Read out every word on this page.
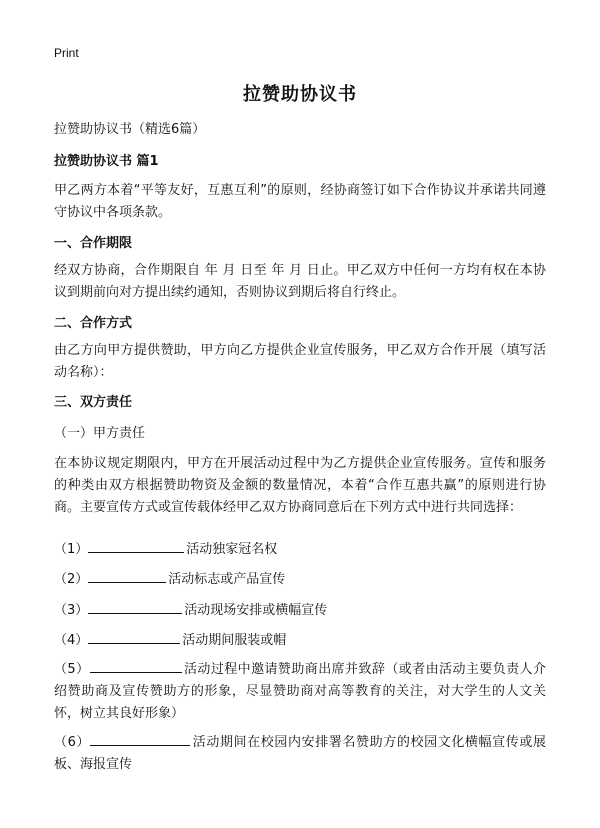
Print
拉赞助协议书
拉赞助协议书（精选6篇）
拉赞助协议书 篇1
甲乙两方本着“平等友好，互惠互利”的原则，经协商签订如下合作协议并承诺共同遵守协议中各项条款。
一、合作期限
经双方协商，合作期限自 年 月 日至 年 月 日止。甲乙双方中任何一方均有权在本协议到期前向对方提出续约通知，否则协议到期后将自行终止。
二、合作方式
由乙方向甲方提供赞助，甲方向乙方提供企业宣传服务，甲乙双方合作开展（填写活动名称）：
三、双方责任
（一）甲方责任
在本协议规定期限内，甲方在开展活动过程中为乙方提供企业宣传服务。宣传和服务的种类由双方根据赞助物资及金额的数量情况，本着“合作互惠共赢”的原则进行协商。主要宣传方式或宣传载体经甲乙双方协商同意后在下列方式中进行共同选择：
（1）	活动独家冠名权
（2）	活动标志或产品宣传
（3）	活动现场安排或横幅宣传
（4）	活动期间服装或帽
（5）	活动过程中邀请赞助商出席并致辞（或者由活动主要负责人介绍赞助商及宣传赞助方的形象，尽显赞助商对高等教育的关注，对大学生的人文关怀，树立其良好形象）
（6）	活动期间在校园内安排署名赞助方的校园文化横幅宣传或展板、海报宣传
